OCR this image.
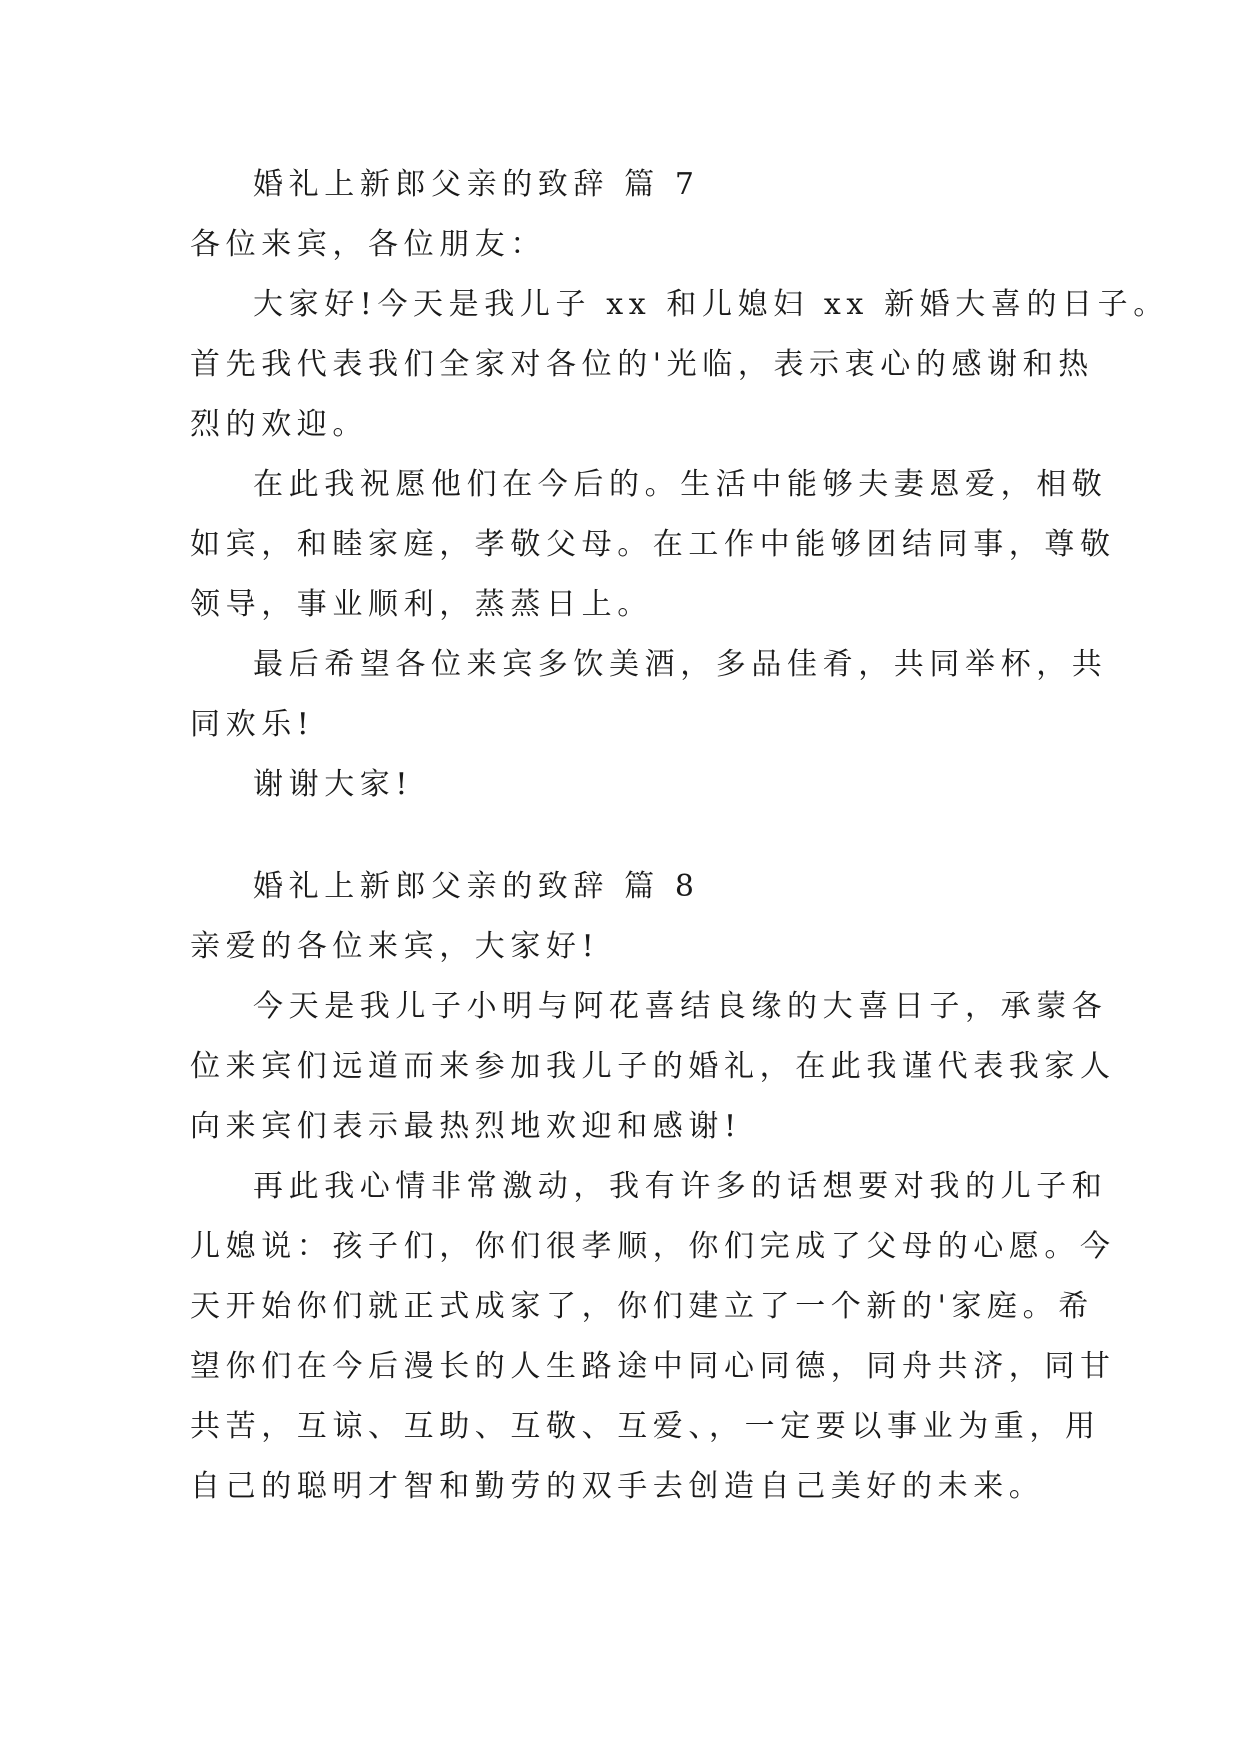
婚礼上新郎父亲的致辞 篇 7
各位来宾，各位朋友：
大家好!今天是我儿子 xx 和儿媳妇 xx 新婚大喜的日子。
首先我代表我们全家对各位的'光临，表示衷心的感谢和热
烈的欢迎。
在此我祝愿他们在今后的。生活中能够夫妻恩爱，相敬
如宾，和睦家庭，孝敬父母。在工作中能够团结同事，尊敬
领导，事业顺利，蒸蒸日上。
最后希望各位来宾多饮美酒，多品佳肴，共同举杯，共
同欢乐!
谢谢大家!
婚礼上新郎父亲的致辞 篇 8
亲爱的各位来宾，大家好!
今天是我儿子小明与阿花喜结良缘的大喜日子，承蒙各
位来宾们远道而来参加我儿子的婚礼，在此我谨代表我家人
向来宾们表示最热烈地欢迎和感谢!
再此我心情非常激动，我有许多的话想要对我的儿子和
儿媳说：孩子们，你们很孝顺，你们完成了父母的心愿。今
天开始你们就正式成家了，你们建立了一个新的'家庭。希
望你们在今后漫长的人生路途中同心同德，同舟共济，同甘
共苦，互谅、互助、互敬、互爱、，一定要以事业为重，用
自己的聪明才智和勤劳的双手去创造自己美好的未来。
